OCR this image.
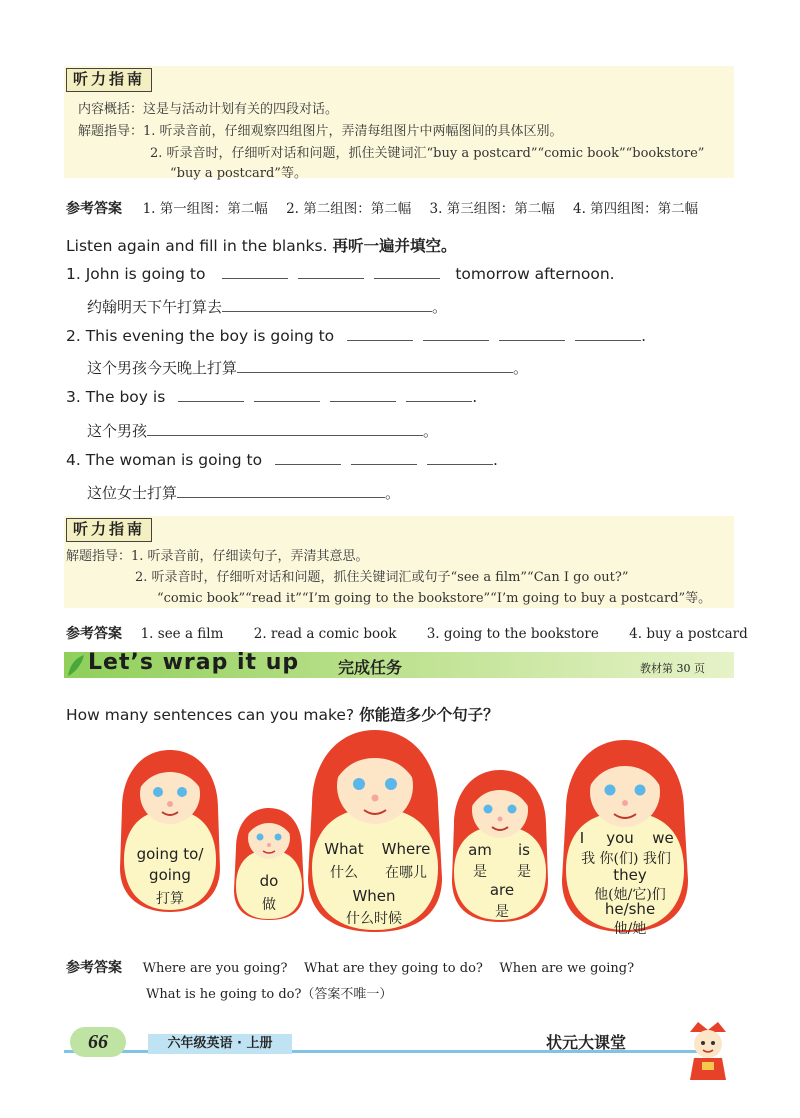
听力指南
内容概括：这是与活动计划有关的四段对话。
解题指导：1. 听录音前，仔细观察四组图片，弄清每组图片中两幅图间的具体区别。
2. 听录音时，仔细听对话和问题，抓住关键词汇“buy a postcard”“comic book”“bookstore”
“buy a postcard”等。
参考答案 1. 第一组图：第二幅 2. 第二组图：第二幅 3. 第三组图：第二幅 4. 第四组图：第二幅
Listen again and fill in the blanks. 再听一遍并填空。
1. John is going to	tomorrow afternoon.
约翰明天下午打算去	。
2. This evening the boy is going to	.
这个男孩今天晚上打算	。
3. The boy is	.
这个男孩	。
4. The woman is going to	.
这位女士打算	。
听力指南
解题指导：1. 听录音前，仔细读句子，弄清其意思。
2. 听录音时，仔细听对话和问题，抓住关键词汇或句子“see a film”“Can I go out?”
“comic book”“read it”“I’m going to the bookstore”“I’m going to buy a postcard”等。
参考答案 1. see a film 2. read a comic book 3. going to the bookstore 4. buy a postcard
Let’s wrap it up 完成任务	教材第 30 页
How many sentences can you make? 你能造多少个句子？
going to/
going
打算
do
做
What	Where
什么	在哪儿
When
什么时候
am	is
是	是
are
是
I	you	we
我 你(们) 我们
they
他(她/它)们
he/she
他/她
参考答案 Where are you going?    What are they going to do?    When are we going?
What is he going to do?（答案不唯一）
66	六年级英语 · 上册	状元大课堂
